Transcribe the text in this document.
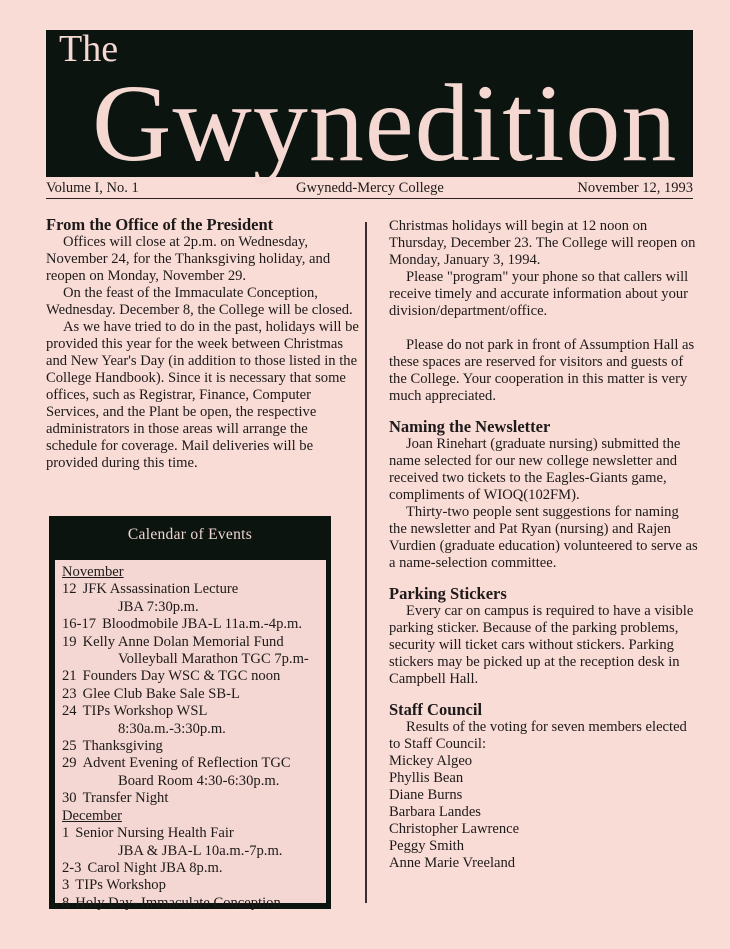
The
Gwynedition
Volume I, No. 1	Gwynedd-Mercy College	November 12, 1993
From the Office of the President

Offices will close at 2p.m. on Wednesday, November 24, for the Thanksgiving holiday, and reopen on Monday, November 29.

On the feast of the Immaculate Conception, Wednesday. December 8, the College will be closed.

As we have tried to do in the past, holidays will be provided this year for the week between Christmas and New Year's Day (in addition to those listed in the College Handbook). Since it is necessary that some offices, such as Registrar, Finance, Computer Services, and the Plant be open, the respective administrators in those areas will arrange the schedule for coverage. Mail deliveries will be provided during this time.

Calendar of Events
November
12 JFK Assassination Lecture
JBA 7:30p.m.
16-17 Bloodmobile JBA-L 11a.m.-4p.m.
19 Kelly Anne Dolan Memorial Fund
Volleyball Marathon TGC 7p.m-
21 Founders Day WSC & TGC noon
23 Glee Club Bake Sale SB-L
24 TIPs Workshop WSL
8:30a.m.-3:30p.m.
25 Thanksgiving
29 Advent Evening of Reflection TGC
Board Room 4:30-6:30p.m.
30 Transfer Night
December
1 Senior Nursing Health Fair
JBA & JBA-L 10a.m.-7p.m.
2-3 Carol Night JBA 8p.m.
3 TIPs Workshop
8 Holy Day- Immaculate Conception

Christmas holidays will begin at 12 noon on Thursday, December 23. The College will reopen on Monday, January 3, 1994.

Please "program" your phone so that callers will receive timely and accurate information about your division/department/office.

Please do not park in front of Assumption Hall as these spaces are reserved for visitors and guests of the College. Your cooperation in this matter is very much appreciated.

Naming the Newsletter

Joan Rinehart (graduate nursing) submitted the name selected for our new college newsletter and received two tickets to the Eagles-Giants game, compliments of WIOQ(102FM).

Thirty-two people sent suggestions for naming the newsletter and Pat Ryan (nursing) and Rajen Vurdien (graduate education) volunteered to serve as a name-selection committee.

Parking Stickers

Every car on campus is required to have a visible parking sticker. Because of the parking problems, security will ticket cars without stickers. Parking stickers may be picked up at the reception desk in Campbell Hall.

Staff Council

Results of the voting for seven members elected to Staff Council:

Mickey Algeo
Phyllis Bean
Diane Burns
Barbara Landes
Christopher Lawrence
Peggy Smith
Anne Marie Vreeland
